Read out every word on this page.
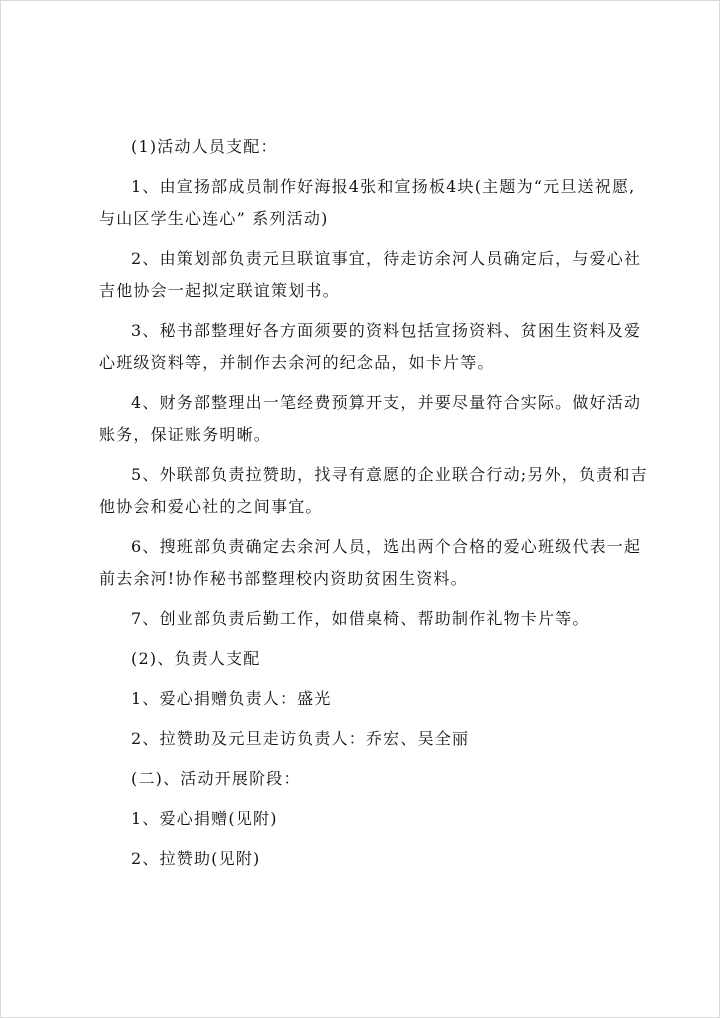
(1)活动人员支配：

1、由宣扬部成员制作好海报4张和宣扬板4块(主题为“元旦送祝愿,
与山区学生心连心” 系列活动)

2、由策划部负责元旦联谊事宜，待走访余河人员确定后，与爱心社
吉他协会一起拟定联谊策划书。

3、秘书部整理好各方面须要的资料包括宣扬资料、贫困生资料及爱
心班级资料等，并制作去余河的纪念品，如卡片等。

4、财务部整理出一笔经费预算开支，并要尽量符合实际。做好活动
账务，保证账务明晰。

5、外联部负责拉赞助，找寻有意愿的企业联合行动;另外，负责和吉
他协会和爱心社的之间事宜。

6、搜班部负责确定去余河人员，选出两个合格的爱心班级代表一起
前去余河!协作秘书部整理校内资助贫困生资料。

7、创业部负责后勤工作，如借桌椅、帮助制作礼物卡片等。

(2)、负责人支配

1、爱心捐赠负责人：盛光

2、拉赞助及元旦走访负责人：乔宏、吴全丽

(二)、活动开展阶段：

1、爱心捐赠(见附)

2、拉赞助(见附)
